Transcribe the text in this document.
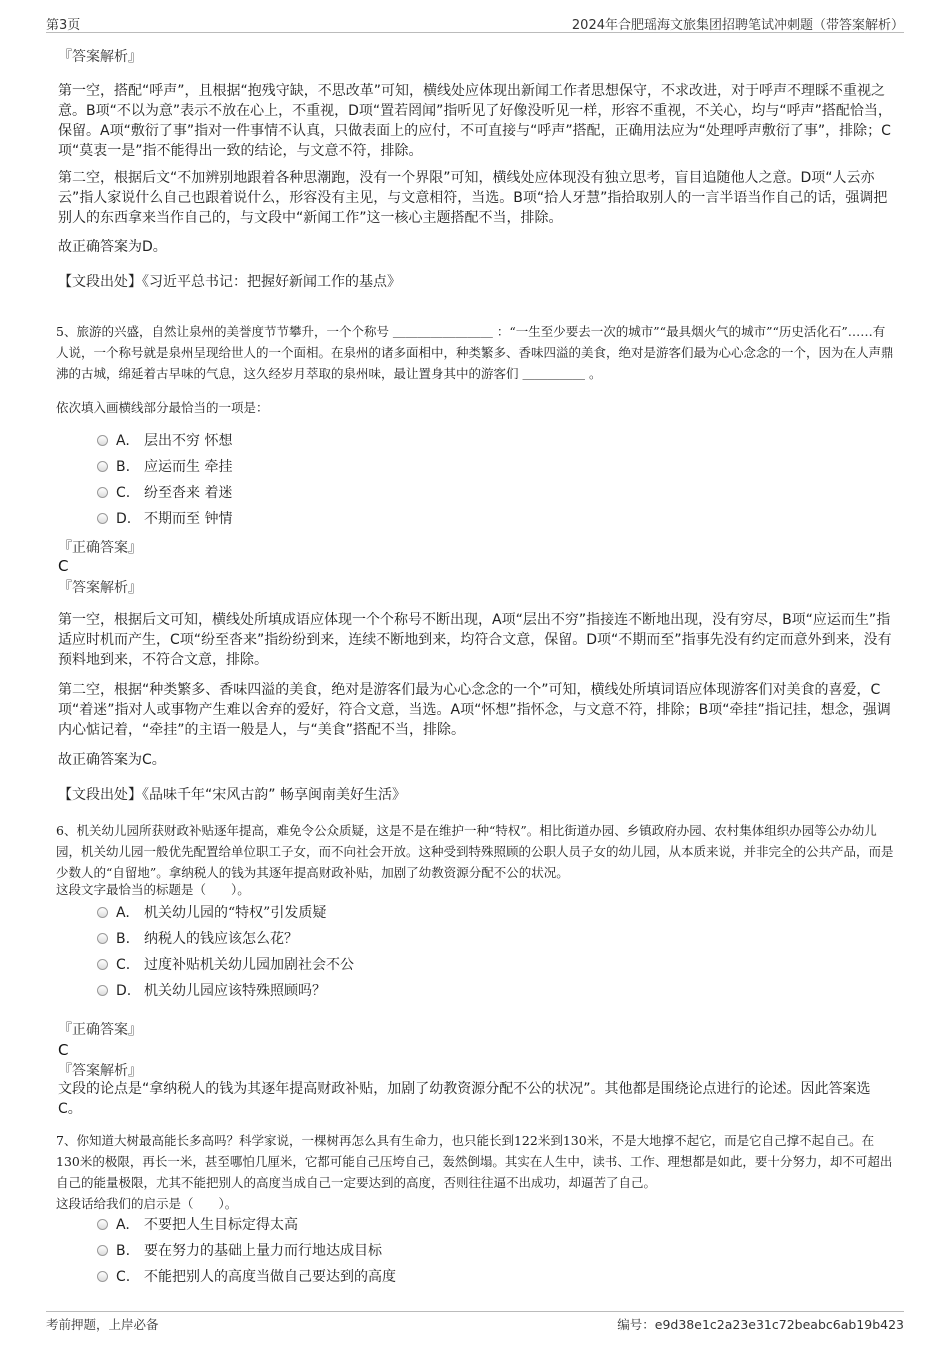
第3页	2024年合肥瑶海文旅集团招聘笔试冲刺题（带答案解析）
『答案解析』
第一空，搭配“呼声”，且根据“抱残守缺，不思改革”可知，横线处应体现出新闻工作者思想保守，不求改进，对于呼声不理睬不重视之意。B项“不以为意”表示不放在心上，不重视，D项“置若罔闻”指听见了好像没听见一样，形容不重视，不关心，均与“呼声”搭配恰当，保留。A项“敷衍了事”指对一件事情不认真，只做表面上的应付，不可直接与“呼声”搭配，正确用法应为“处理呼声敷衍了事”，排除；C项“莫衷一是”指不能得出一致的结论，与文意不符，排除。
第二空，根据后文“不加辨别地跟着各种思潮跑，没有一个界限”可知，横线处应体现没有独立思考，盲目追随他人之意。D项“人云亦云”指人家说什么自己也跟着说什么，形容没有主见，与文意相符，当选。B项“拾人牙慧”指拾取别人的一言半语当作自己的话，强调把别人的东西拿来当作自己的，与文段中“新闻工作”这一核心主题搭配不当，排除。
故正确答案为D。
【文段出处】《习近平总书记：把握好新闻工作的基点》
5、旅游的兴盛，自然让泉州的美誉度节节攀升，一个个称号 ＿＿＿＿＿＿＿＿ ：“一生至少要去一次的城市”“最具烟火气的城市”“历史活化石”……有人说，一个称号就是泉州呈现给世人的一个面相。在泉州的诸多面相中，种类繁多、香味四溢的美食，绝对是游客们最为心心念念的一个，因为在人声鼎沸的古城，绵延着古早味的气息，这久经岁月萃取的泉州味，最让置身其中的游客们 ＿＿＿＿＿ 。
依次填入画横线部分最恰当的一项是：
A. 层出不穷 怀想
B. 应运而生 牵挂
C. 纷至沓来 着迷
D. 不期而至 钟情
『正确答案』
C
『答案解析』
第一空，根据后文可知，横线处所填成语应体现一个个称号不断出现，A项“层出不穷”指接连不断地出现，没有穷尽，B项“应运而生”指适应时机而产生，C项“纷至沓来”指纷纷到来，连续不断地到来，均符合文意，保留。D项“不期而至”指事先没有约定而意外到来，没有预料地到来，不符合文意，排除。
第二空，根据“种类繁多、香味四溢的美食，绝对是游客们最为心心念念的一个”可知，横线处所填词语应体现游客们对美食的喜爱，C项“着迷”指对人或事物产生难以舍弃的爱好，符合文意，当选。A项“怀想”指怀念，与文意不符，排除；B项“牵挂”指记挂，想念，强调内心惦记着，“牵挂”的主语一般是人，与“美食”搭配不当，排除。
故正确答案为C。
【文段出处】《品味千年“宋风古韵” 畅享闽南美好生活》
6、机关幼儿园所获财政补贴逐年提高，难免令公众质疑，这是不是在维护一种“特权”。相比街道办园、乡镇政府办园、农村集体组织办园等公办幼儿园，机关幼儿园一般优先配置给单位职工子女，而不向社会开放。这种受到特殊照顾的公职人员子女的幼儿园，从本质来说，并非完全的公共产品，而是少数人的“自留地”。拿纳税人的钱为其逐年提高财政补贴，加剧了幼教资源分配不公的状况。
这段文字最恰当的标题是（　　）。
A. 机关幼儿园的“特权”引发质疑
B. 纳税人的钱应该怎么花？
C. 过度补贴机关幼儿园加剧社会不公
D. 机关幼儿园应该特殊照顾吗？
『正确答案』
C
『答案解析』
文段的论点是“拿纳税人的钱为其逐年提高财政补贴，加剧了幼教资源分配不公的状况”。其他都是围绕论点进行的论述。因此答案选C。
7、你知道大树最高能长多高吗？科学家说，一棵树再怎么具有生命力，也只能长到122米到130米，不是大地撑不起它，而是它自己撑不起自己。在130米的极限，再长一米，甚至哪怕几厘米，它都可能自己压垮自己，轰然倒塌。其实在人生中，读书、工作、理想都是如此，要十分努力，却不可超出自己的能量极限，尤其不能把别人的高度当成自己一定要达到的高度，否则往往逼不出成功，却逼苦了自己。
这段话给我们的启示是（　　）。
A. 不要把人生目标定得太高
B. 要在努力的基础上量力而行地达成目标
C. 不能把别人的高度当做自己要达到的高度
考前押题，上岸必备	编号：e9d38e1c2a23e31c72beabc6ab19b423
